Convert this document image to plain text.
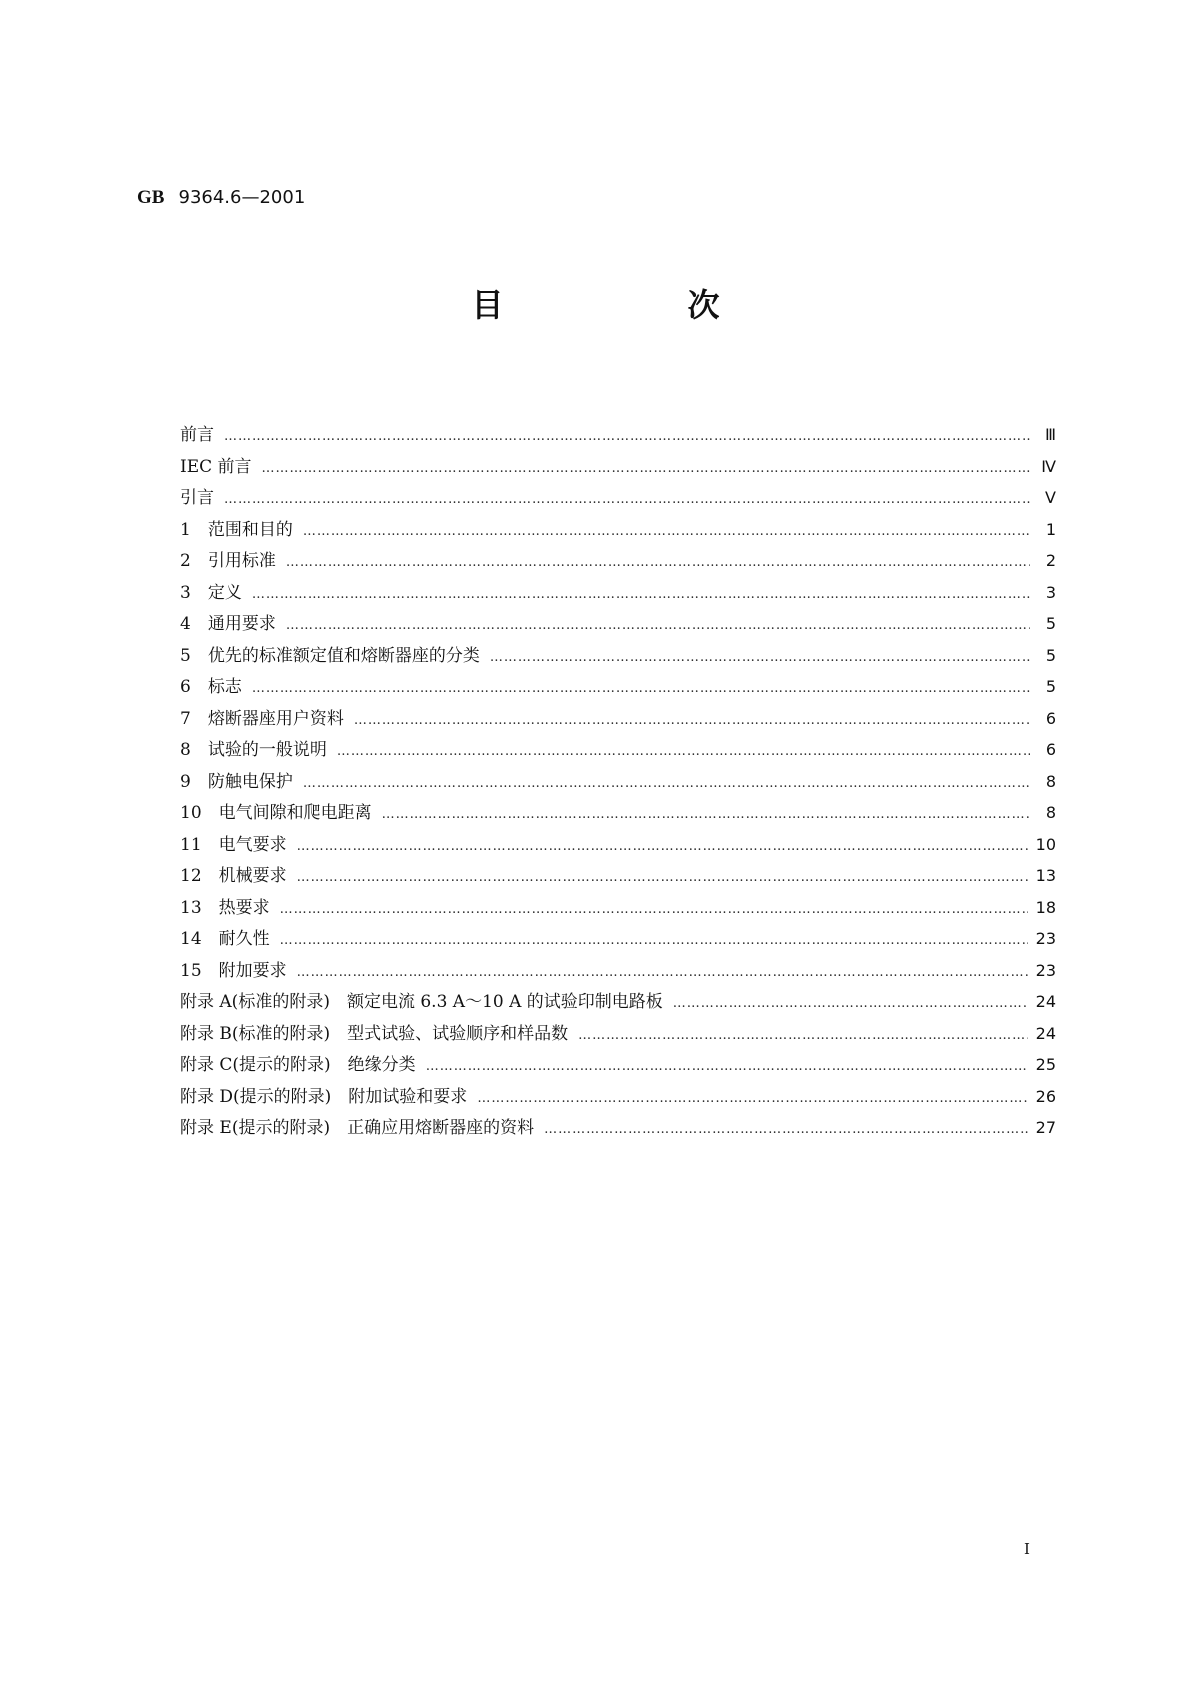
GB 9364.6—2001
目　次
前言 ………………………………………………………………………………………………………………………………………………………………………………………………………	Ⅲ
IEC 前言 ………………………………………………………………………………………………………………………………………………………………………………………………………	Ⅳ
引言 ………………………………………………………………………………………………………………………………………………………………………………………………………	Ⅴ
1　范围和目的 ………………………………………………………………………………………………………………………………………………………………………………………………………	1
2　引用标准 ………………………………………………………………………………………………………………………………………………………………………………………………………	2
3　定义 ………………………………………………………………………………………………………………………………………………………………………………………………………	3
4　通用要求 ………………………………………………………………………………………………………………………………………………………………………………………………………	5
5　优先的标准额定值和熔断器座的分类 ………………………………………………………………………………………………………………………………………………………………………………………………………	5
6　标志 ………………………………………………………………………………………………………………………………………………………………………………………………………	5
7　熔断器座用户资料 ………………………………………………………………………………………………………………………………………………………………………………………………………	6
8　试验的一般说明 ………………………………………………………………………………………………………………………………………………………………………………………………………	6
9　防触电保护 ………………………………………………………………………………………………………………………………………………………………………………………………………	8
10　电气间隙和爬电距离 ………………………………………………………………………………………………………………………………………………………………………………………………………	8
11　电气要求 ………………………………………………………………………………………………………………………………………………………………………………………………………	10
12　机械要求 ………………………………………………………………………………………………………………………………………………………………………………………………………	13
13　热要求 ………………………………………………………………………………………………………………………………………………………………………………………………………	18
14　耐久性 ………………………………………………………………………………………………………………………………………………………………………………………………………	23
15　附加要求 ………………………………………………………………………………………………………………………………………………………………………………………………………	23
附录 A(标准的附录)　额定电流 6.3 A～10 A 的试验印制电路板 ………………………………………………………………………………………………………………………………………………………………………………………………………	24
附录 B(标准的附录)　型式试验、试验顺序和样品数 ………………………………………………………………………………………………………………………………………………………………………………………………………	24
附录 C(提示的附录)　绝缘分类 ………………………………………………………………………………………………………………………………………………………………………………………………………	25
附录 D(提示的附录)　附加试验和要求 ………………………………………………………………………………………………………………………………………………………………………………………………………	26
附录 E(提示的附录)　正确应用熔断器座的资料 ………………………………………………………………………………………………………………………………………………………………………………………………………	27
I
